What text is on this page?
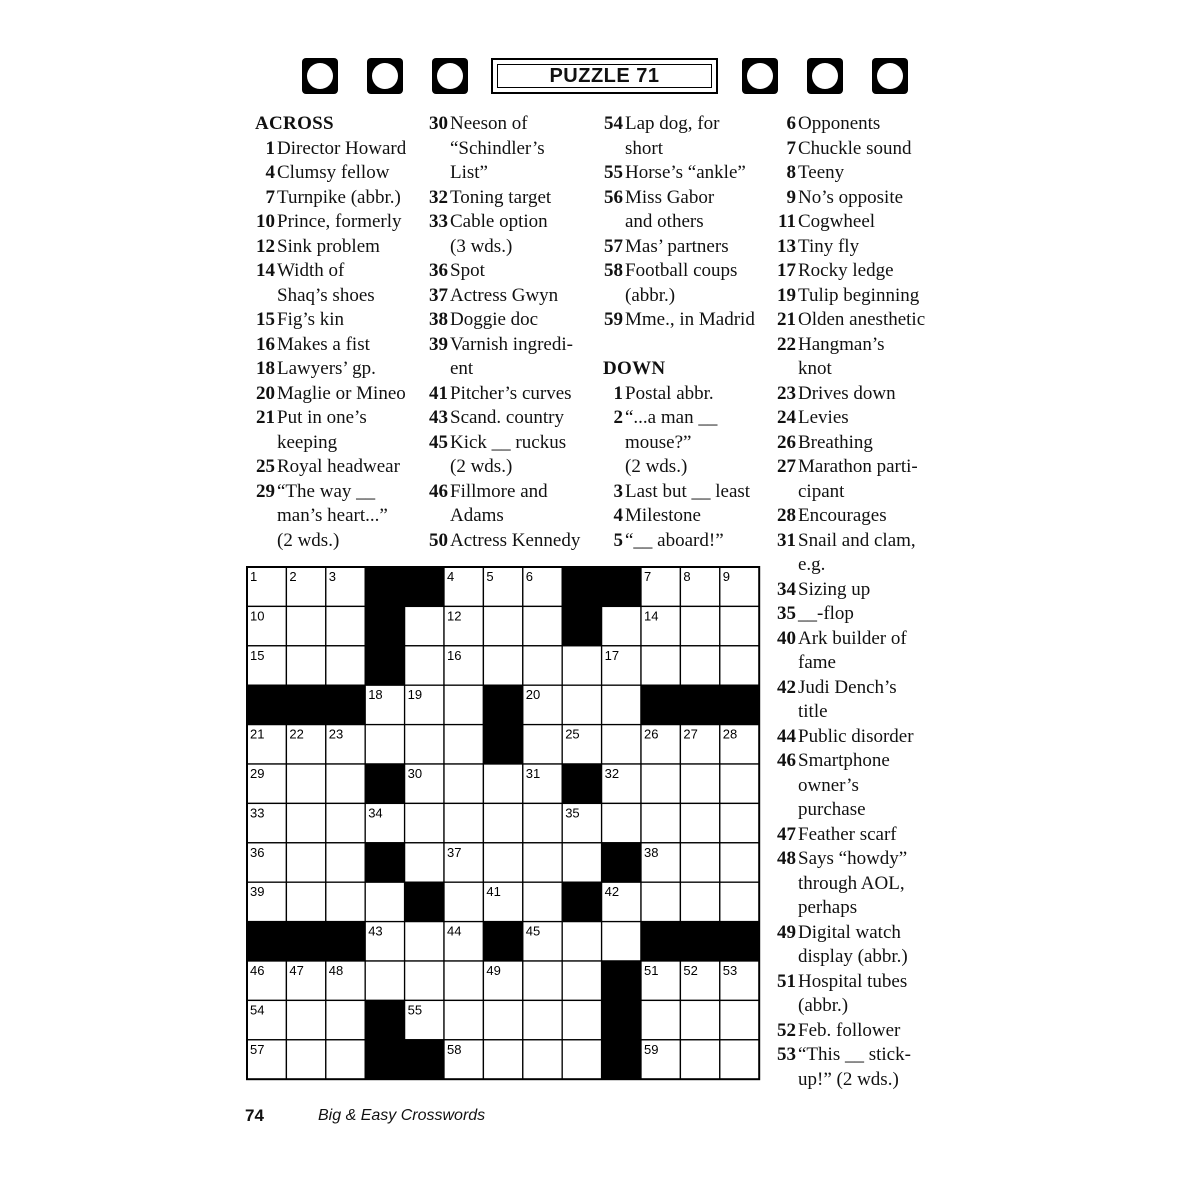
PUZZLE 71
ACROSS
1 Director Howard
4 Clumsy fellow
7 Turnpike (abbr.)
10 Prince, formerly
12 Sink problem
14 Width of
Shaq’s shoes
15 Fig’s kin
16 Makes a fist
18 Lawyers’ gp.
20 Maglie or Mineo
21 Put in one’s
keeping
25 Royal headwear
29 “The way __
man’s heart...”
(2 wds.)
30 Neeson of
“Schindler’s
List”
32 Toning target
33 Cable option
(3 wds.)
36 Spot
37 Actress Gwyn
38 Doggie doc
39 Varnish ingredi-
ent
41 Pitcher’s curves
43 Scand. country
45 Kick __ ruckus
(2 wds.)
46 Fillmore and
Adams
50 Actress Kennedy
54 Lap dog, for
short
55 Horse’s “ankle”
56 Miss Gabor
and others
57 Mas’ partners
58 Football coups
(abbr.)
59 Mme., in Madrid
DOWN
1 Postal abbr.
2 “...a man __
mouse?”
(2 wds.)
3 Last but __ least
4 Milestone
5 “__ aboard!”
6 Opponents
7 Chuckle sound
8 Teeny
9 No’s opposite
11 Cogwheel
13 Tiny fly
17 Rocky ledge
19 Tulip beginning
21 Olden anesthetic
22 Hangman’s
knot
23 Drives down
24 Levies
26 Breathing
27 Marathon parti-
cipant
28 Encourages
31 Snail and clam,
e.g.
34 Sizing up
35 __-flop
40 Ark builder of
fame
42 Judi Dench’s
title
44 Public disorder
46 Smartphone
owner’s
purchase
47 Feather scarf
48 Says “howdy”
through AOL,
perhaps
49 Digital watch
display (abbr.)
51 Hospital tubes
(abbr.)
52 Feb. follower
53 “This __ stick-
up!” (2 wds.)
1 2 3	4 5 6	7 8 9
10	12	14
15	16	17
18 19	20
21 22 23	25	26 27 28
29	30	31	32
33	34	35
36	37	38
39	41	42
43	44	45
46 47 48	49	51 52 53
54	55
57	58	59
74	Big & Easy Crosswords
